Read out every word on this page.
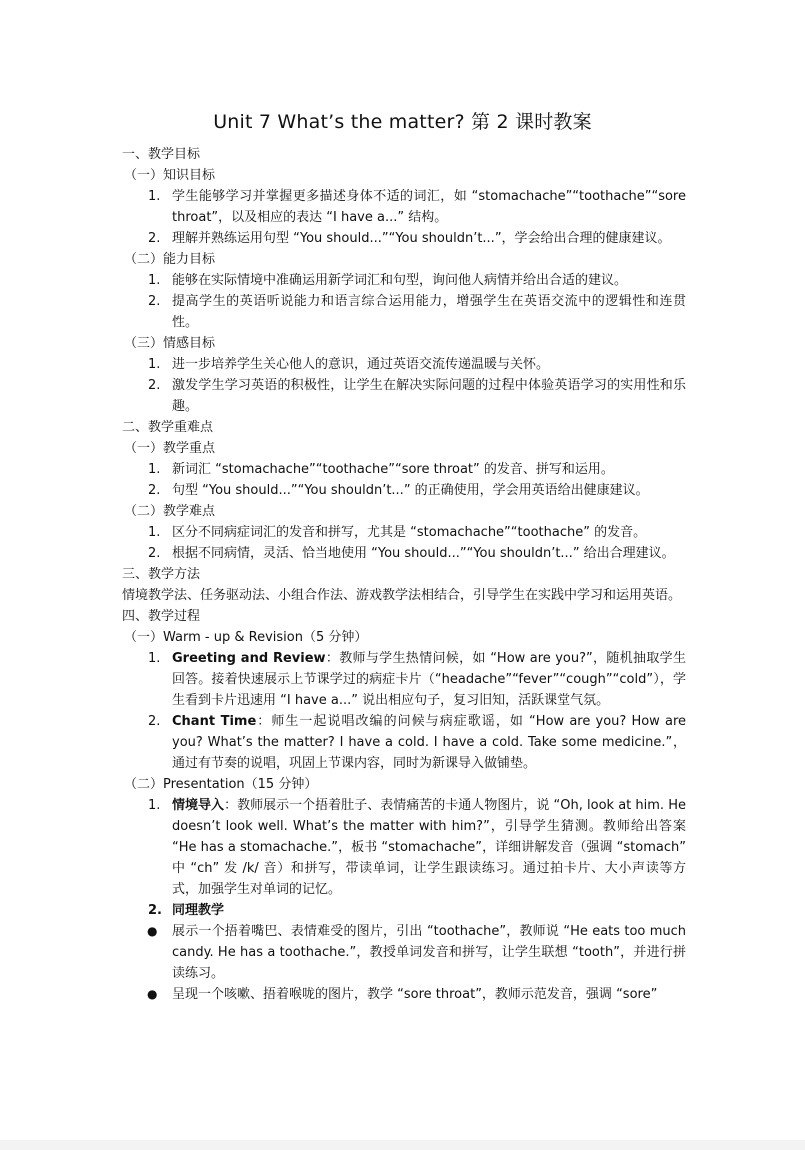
Unit 7 What’s the matter? 第 2 课时教案
一、教学目标
（一）知识目标
1. 学生能够学习并掌握更多描述身体不适的词汇，如 “stomachache”“toothache”“sore throat”，以及相应的表达 “I have a...” 结构。
2. 理解并熟练运用句型 “You should...”“You shouldn’t...”，学会给出合理的健康建议。
（二）能力目标
1. 能够在实际情境中准确运用新学词汇和句型，询问他人病情并给出合适的建议。
2. 提高学生的英语听说能力和语言综合运用能力，增强学生在英语交流中的逻辑性和连贯性。
（三）情感目标
1. 进一步培养学生关心他人的意识，通过英语交流传递温暖与关怀。
2. 激发学生学习英语的积极性，让学生在解决实际问题的过程中体验英语学习的实用性和乐趣。
二、教学重难点
（一）教学重点
1. 新词汇 “stomachache”“toothache”“sore throat” 的发音、拼写和运用。
2. 句型 “You should...”“You shouldn’t...” 的正确使用，学会用英语给出健康建议。
（二）教学难点
1. 区分不同病症词汇的发音和拼写，尤其是 “stomachache”“toothache” 的发音。
2. 根据不同病情，灵活、恰当地使用 “You should...”“You shouldn’t...” 给出合理建议。
三、教学方法
情境教学法、任务驱动法、小组合作法、游戏教学法相结合，引导学生在实践中学习和运用英语。
四、教学过程
（一）Warm - up & Revision（5 分钟）
1. Greeting and Review：教师与学生热情问候，如 “How are you?”，随机抽取学生回答。接着快速展示上节课学过的病症卡片（“headache”“fever”“cough”“cold”），学生看到卡片迅速用 “I have a...” 说出相应句子，复习旧知，活跃课堂气氛。
2. Chant Time：师生一起说唱改编的问候与病症歌谣，如 “How are you? How are you? What’s the matter? I have a cold. I have a cold. Take some medicine.”，通过有节奏的说唱，巩固上节课内容，同时为新课导入做铺垫。
（二）Presentation（15 分钟）
1. 情境导入：教师展示一个捂着肚子、表情痛苦的卡通人物图片，说 “Oh, look at him. He doesn’t look well. What’s the matter with him?”，引导学生猜测。教师给出答案 “He has a stomachache.”，板书 “stomachache”，详细讲解发音（强调 “stomach” 中 “ch” 发 /k/ 音）和拼写，带读单词，让学生跟读练习。通过拍卡片、大小声读等方式，加强学生对单词的记忆。
2. 同理教学
● 展示一个捂着嘴巴、表情难受的图片，引出 “toothache”，教师说 “He eats too much candy. He has a toothache.”，教授单词发音和拼写，让学生联想 “tooth”，并进行拼读练习。
● 呈现一个咳嗽、捂着喉咙的图片，教学 “sore throat”，教师示范发音，强调 “sore”
